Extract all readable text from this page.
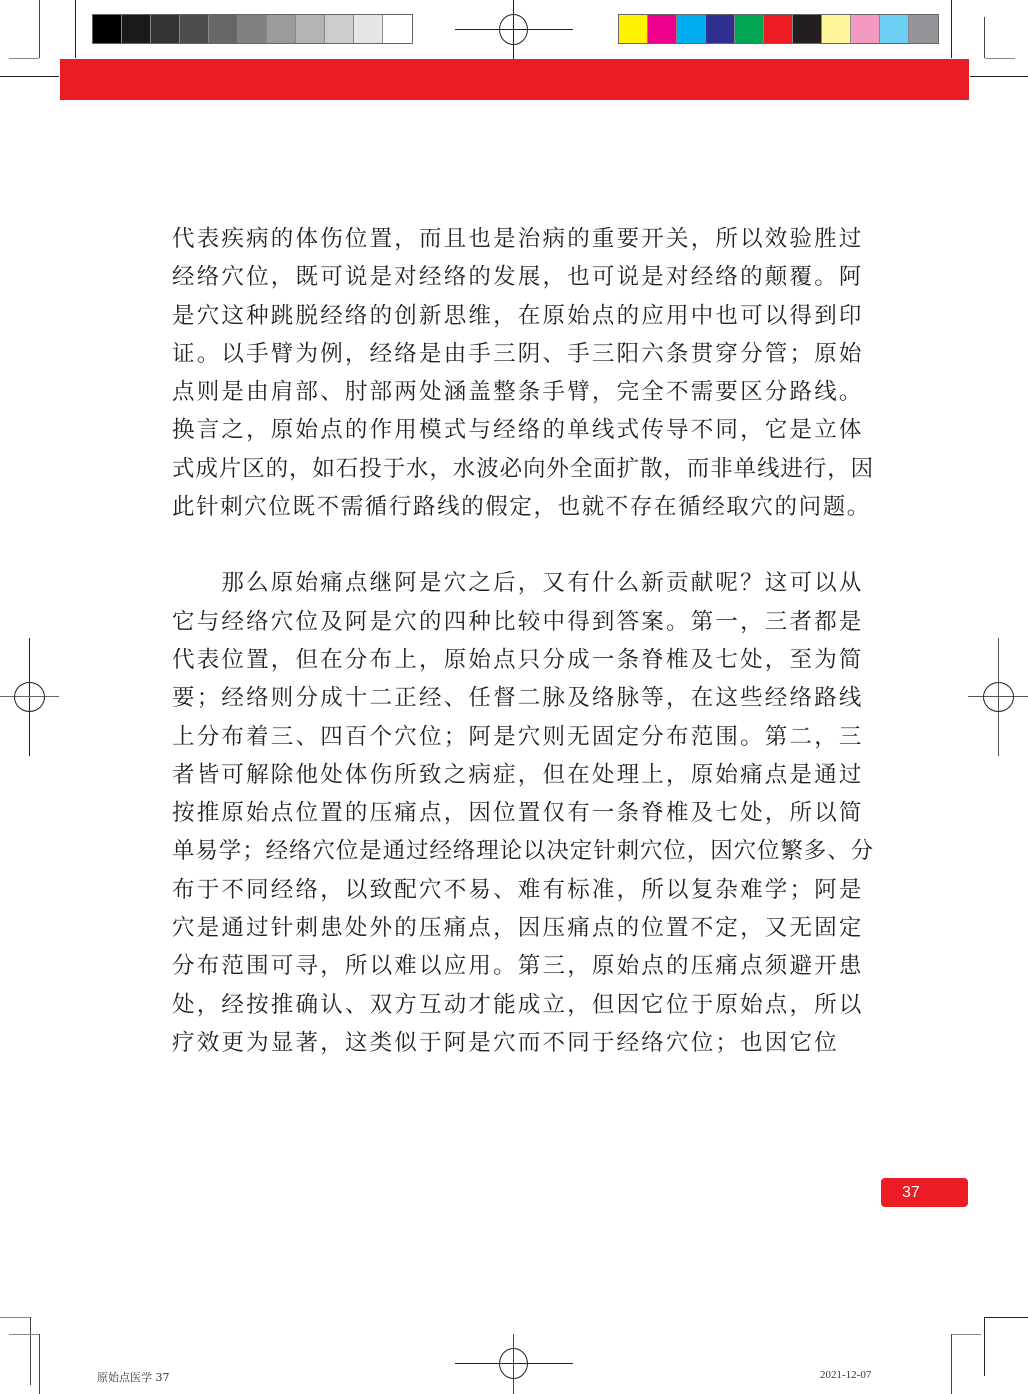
代表疾病的体伤位置，而且也是治病的重要开关，所以效验胜过

经络穴位，既可说是对经络的发展，也可说是对经络的颠覆。阿

是穴这种跳脱经络的创新思维，在原始点的应用中也可以得到印

证。以手臂为例，经络是由手三阴、手三阳六条贯穿分管；原始

点则是由肩部、肘部两处涵盖整条手臂，完全不需要区分路线。

换言之，原始点的作用模式与经络的单线式传导不同，它是立体

式成片区的，如石投于水，水波必向外全面扩散，而非单线进行，因

此针刺穴位既不需循行路线的假定，也就不存在循经取穴的问题。

　　那么原始痛点继阿是穴之后，又有什么新贡献呢？这可以从

它与经络穴位及阿是穴的四种比较中得到答案。第一，三者都是

代表位置，但在分布上，原始点只分成一条脊椎及七处，至为简

要；经络则分成十二正经、任督二脉及络脉等，在这些经络路线

上分布着三、四百个穴位；阿是穴则无固定分布范围。第二，三

者皆可解除他处体伤所致之病症，但在处理上，原始痛点是通过

按推原始点位置的压痛点，因位置仅有一条脊椎及七处，所以简

单易学；经络穴位是通过经络理论以决定针刺穴位，因穴位繁多、分

布于不同经络，以致配穴不易、难有标准，所以复杂难学；阿是

穴是通过针刺患处外的压痛点，因压痛点的位置不定，又无固定

分布范围可寻，所以难以应用。第三，原始点的压痛点须避开患

处，经按推确认、双方互动才能成立，但因它位于原始点，所以

疗效更为显著，这类似于阿是穴而不同于经络穴位；也因它位

37
原始点医学 37	2021-12-07
